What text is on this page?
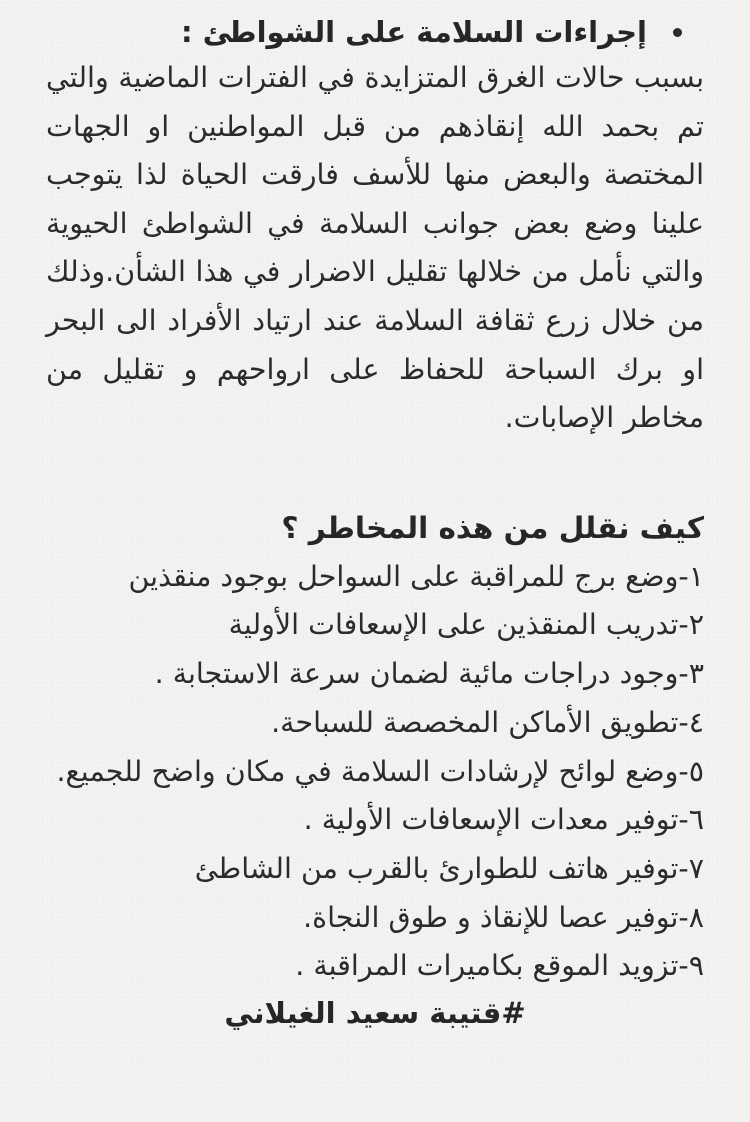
إجراءات السلامة على الشواطئ :

بسبب حالات الغرق المتزايدة في الفترات الماضية والتي تم بحمد الله إنقاذهم من قبل المواطنين او الجهات المختصة والبعض منها للأسف فارقت الحياة لذا يتوجب علينا وضع بعض جوانب السلامة في الشواطئ الحيوية والتي نأمل من خلالها تقليل الاضرار في هذا الشأن.وذلك من خلال زرع ثقافة السلامة عند ارتياد الأفراد الى البحر او برك السباحة للحفاظ على ارواحهم و تقليل من مخاطر الإصابات.

كيف نقلل من هذه المخاطر ؟

١-وضع برج للمراقبة على السواحل بوجود منقذين
٢-تدريب المنقذين على الإسعافات الأولية
٣-وجود دراجات مائية لضمان سرعة الاستجابة .
٤-تطويق الأماكن المخصصة للسباحة.
٥-وضع لوائح لإرشادات السلامة في مكان واضح للجميع.
٦-توفير معدات الإسعافات الأولية .
٧-توفير هاتف للطوارئ بالقرب من الشاطئ
٨-توفير عصا للإنقاذ و طوق النجاة.
٩-تزويد الموقع بكاميرات المراقبة .
#قتيبة سعيد الغيلاني
